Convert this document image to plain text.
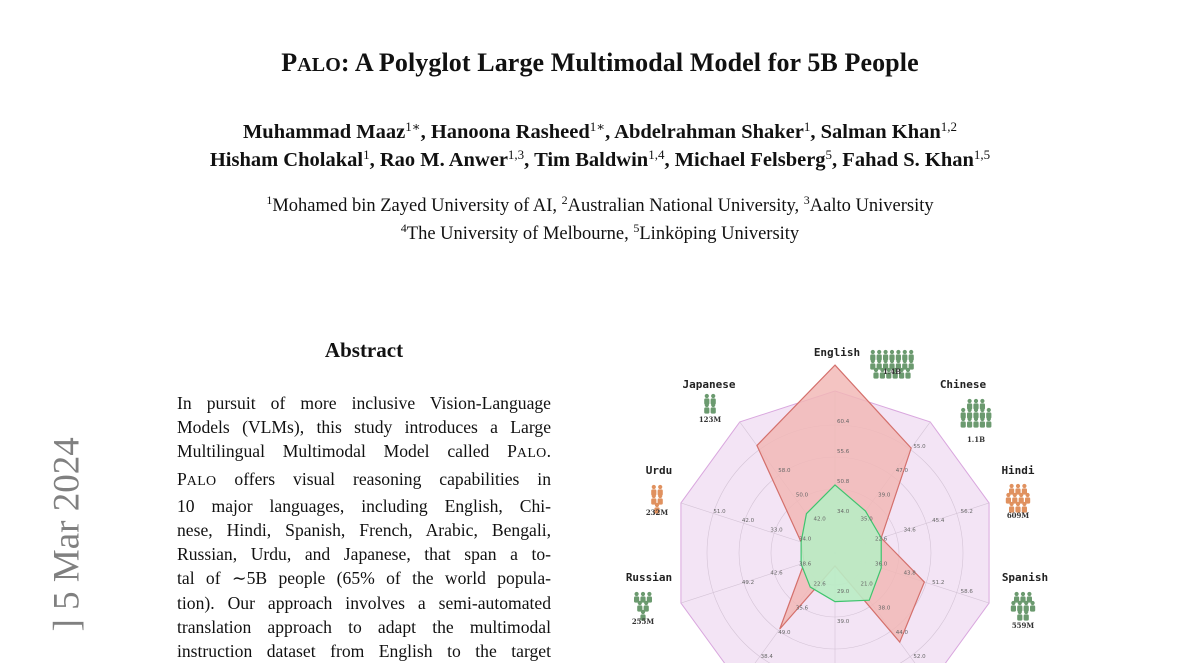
PALO: A Polyglot Large Multimodal Model for 5B People
Muhammad Maaz$^{1∗}$, Hanoona Rasheed$^{1∗}$, Abdelrahman Shaker$^1$, Salman Khan$^{1,2}$
Hisham Cholakal$^1$, Rao M. Anwer$^{1,3}$, Tim Baldwin$^{1,4}$, Michael Felsberg$^5$, Fahad S. Khan$^{1,5}$
$^1$Mohamed bin Zayed University of AI, $^2$Australian National University, $^3$Aalto University
$^4$The University of Melbourne, $^5$Linköping University
Abstract
In pursuit of more inclusive Vision-Language
Models (VLMs), this study introduces a Large
Multilingual Multimodal Model called PALO.
PALO offers visual reasoning capabilities in
10 major languages, including English, Chi-
nese, Hindi, Spanish, French, Arabic, Bengali,
Russian, Urdu, and Japanese, that span a to-
tal of ∼5B people (65% of the world popula-
tion). Our approach involves a semi-automated
translation approach to adapt the multimodal
instruction dataset from English to the target
] 5 Mar 2024	34.0
50.8
55.6
60.4
35.0
39.0
47.0
55.0
22.6
34.6
45.4
56.2
36.0
43.8
51.2
58.6
21.0
38.0
44.0
52.0
29.0
39.0
22.6
35.6
49.0
38.4
38.6
42.6
49.2
34.0
33.0
42.0
51.0
42.0
50.0
58.0
English
1.4B
Chinese
1.1B
Hindi
609M
Spanish
559M
Russian
255M
Urdu
232M
Japanese
123M
